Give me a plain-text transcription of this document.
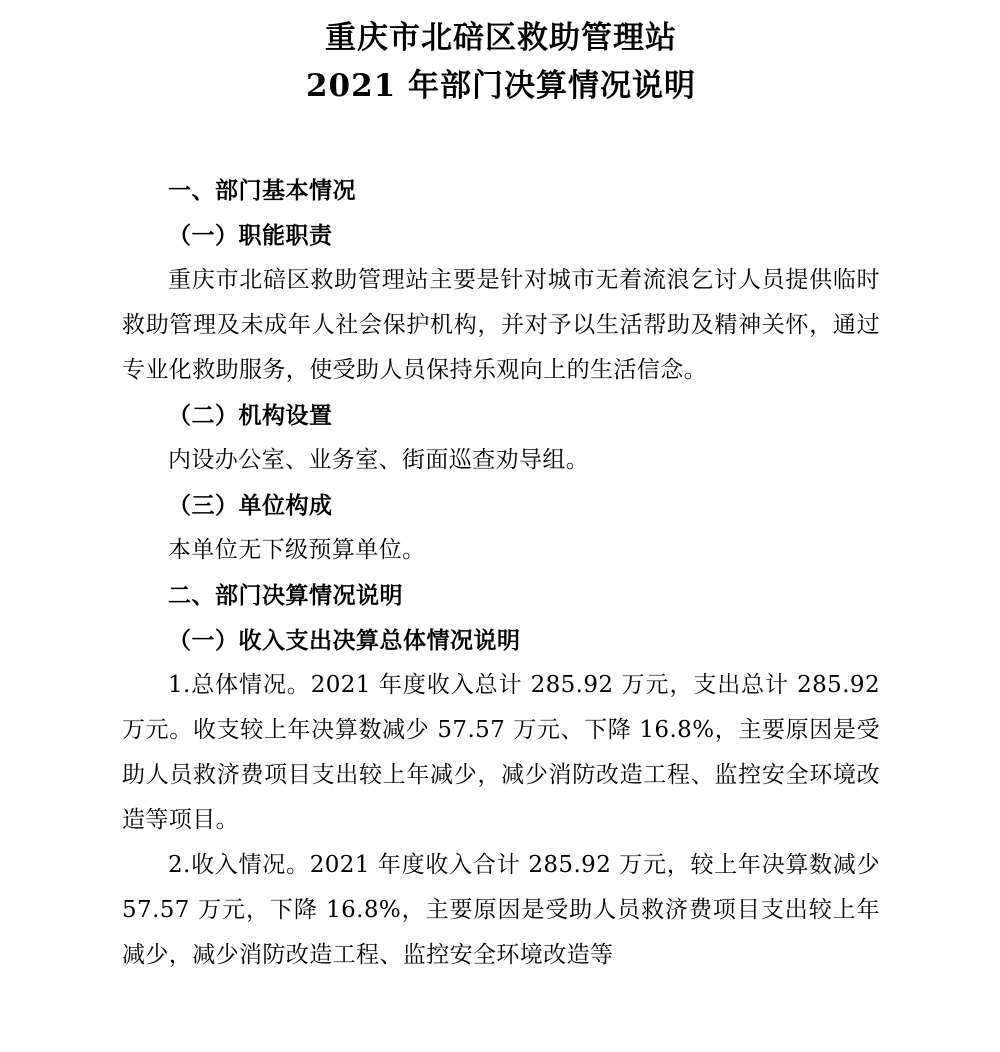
重庆市北碚区救助管理站
2021 年部门决算情况说明

一、部门基本情况

（一）职能职责

重庆市北碚区救助管理站主要是针对城市无着流浪乞讨人员提供临时救助管理及未成年人社会保护机构，并对予以生活帮助及精神关怀，通过专业化救助服务，使受助人员保持乐观向上的生活信念。

（二）机构设置

内设办公室、业务室、街面巡查劝导组。

（三）单位构成

本单位无下级预算单位。

二、部门决算情况说明

（一）收入支出决算总体情况说明

1.总体情况。2021 年度收入总计 285.92 万元，支出总计 285.92 万元。收支较上年决算数减少 57.57 万元、下降 16.8%，主要原因是受助人员救济费项目支出较上年减少，减少消防改造工程、监控安全环境改造等项目。

2.收入情况。2021 年度收入合计 285.92 万元，较上年决算数减少 57.57 万元，下降 16.8%，主要原因是受助人员救济费项目支出较上年减少，减少消防改造工程、监控安全环境改造等
